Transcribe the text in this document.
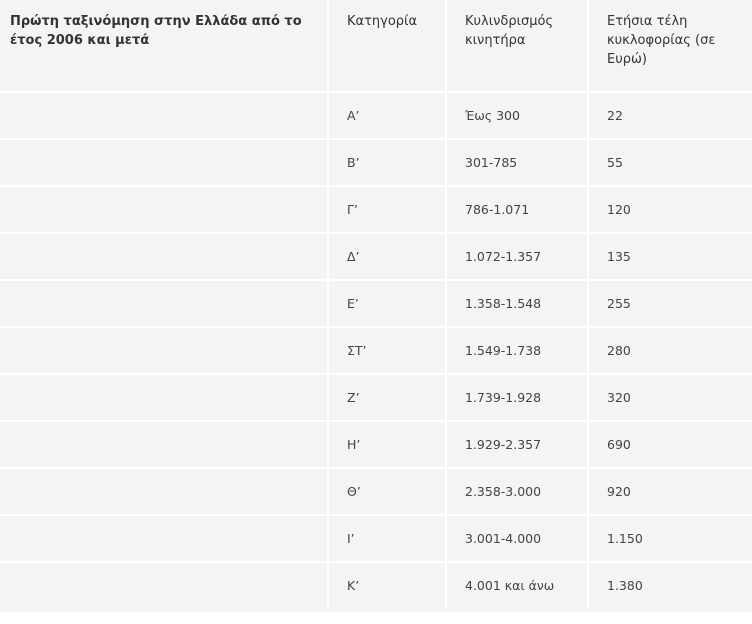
Πρώτη ταξινόμηση στην Ελλάδα από το έτος 2006 και μετά	Κατηγορία	Κυλινδρισμός κινητήρα	Ετήσια τέλη κυκλοφορίας (σε Ευρώ)
	Α’	Έως 300	22
	Β’	301-785	55
	Γ’	786-1.071	120
	Δ’	1.072-1.357	135
	Ε’	1.358-1.548	255
	ΣΤ’	1.549-1.738	280
	Ζ’	1.739-1.928	320
	Η’	1.929-2.357	690
	Θ’	2.358-3.000	920
	Ι’	3.001-4.000	1.150
	Κ’	4.001 και άνω	1.380
